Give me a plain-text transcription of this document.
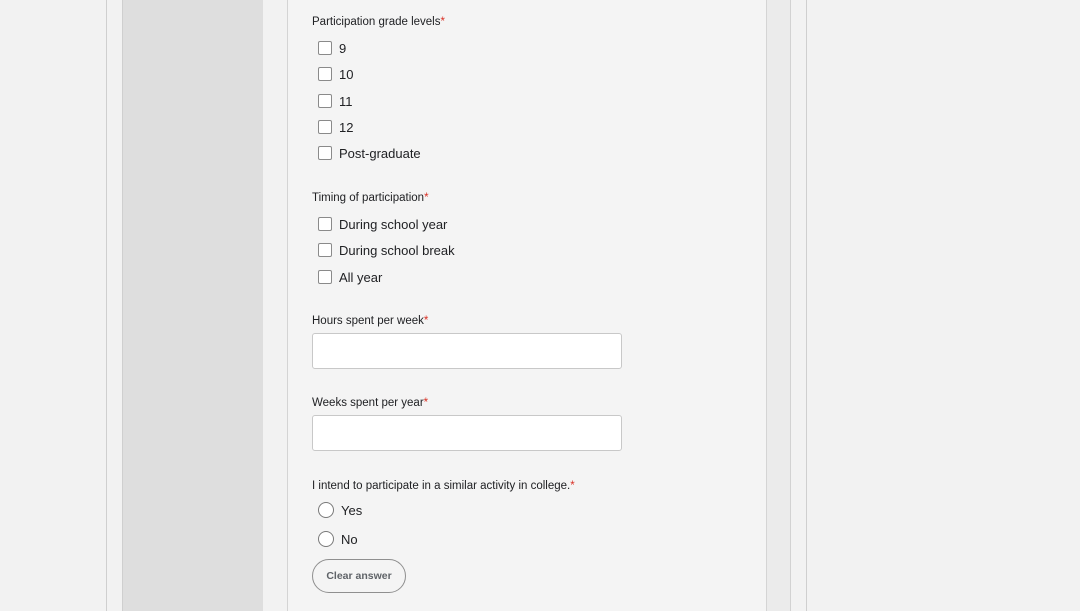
Participation grade levels*
9
10
11
12
Post-graduate
Timing of participation*
During school year
During school break
All year
Hours spent per week*
Weeks spent per year*
I intend to participate in a similar activity in college.*
Yes
No
Clear answer
